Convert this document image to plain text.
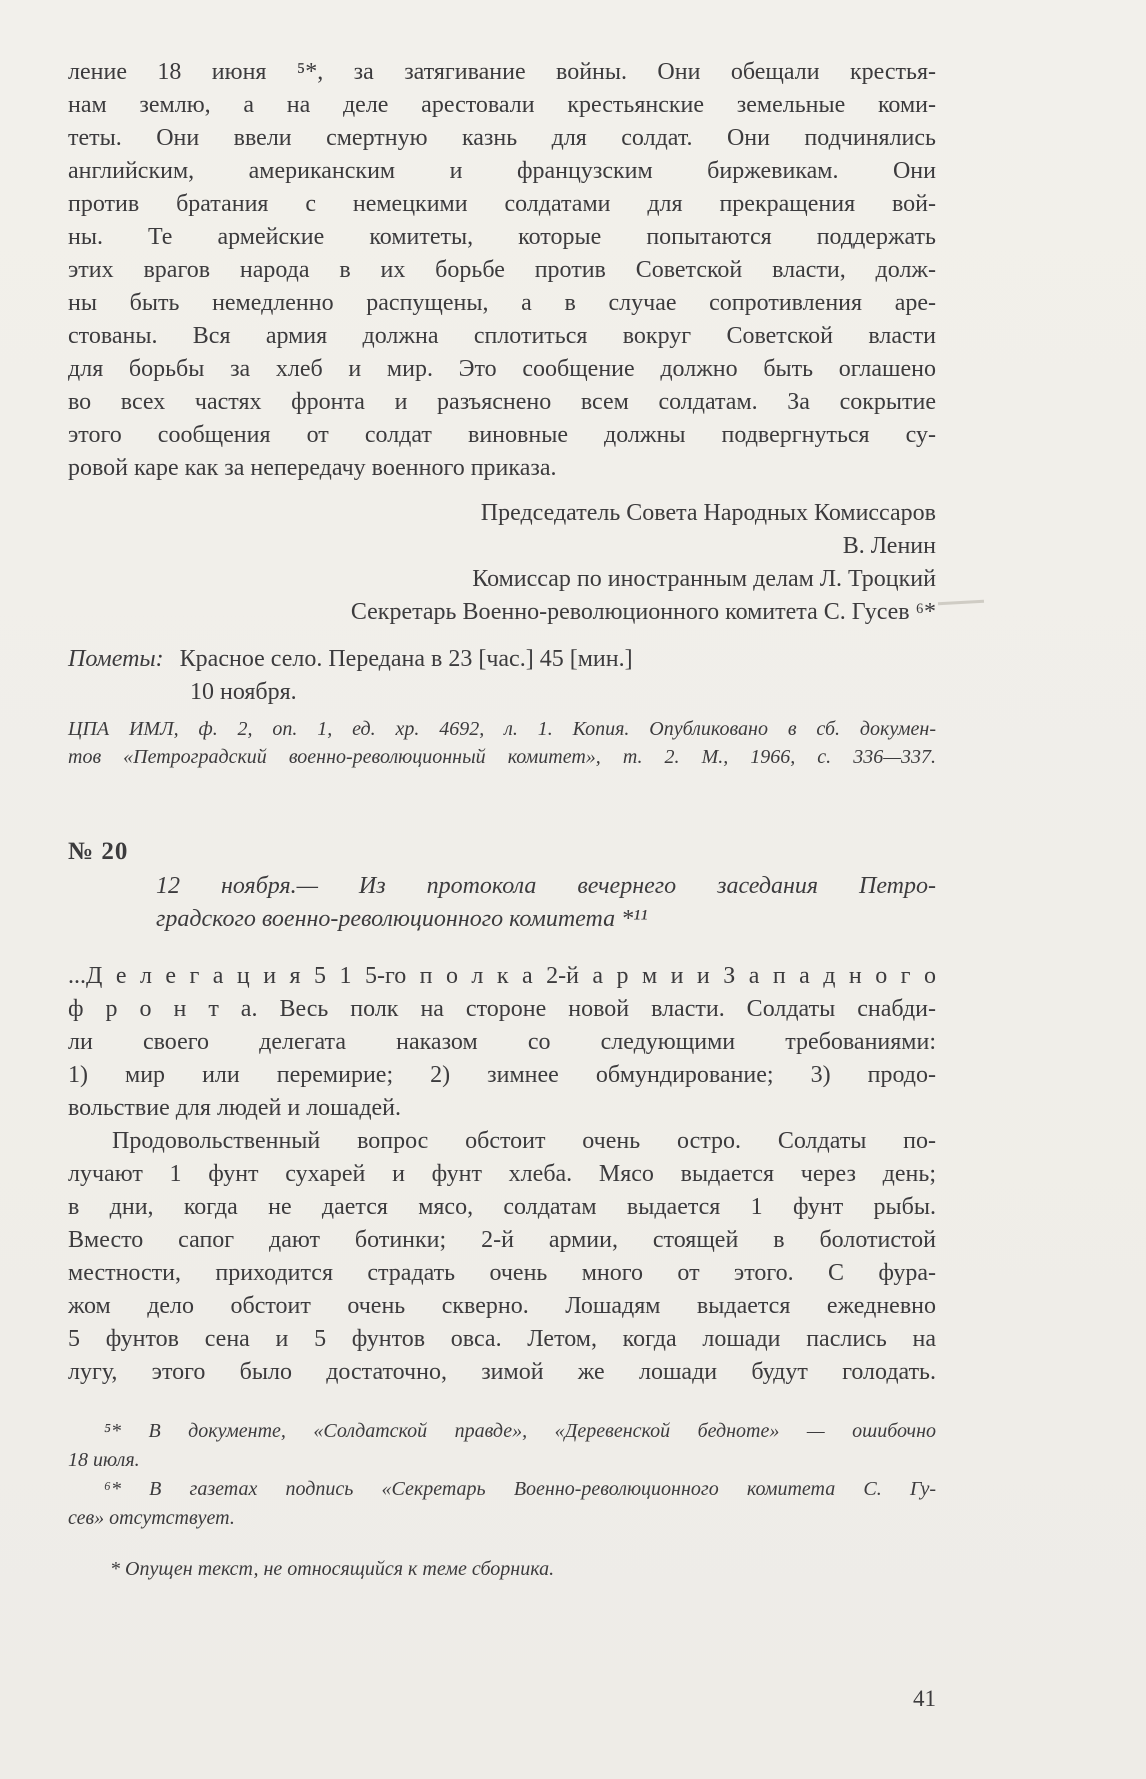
ление 18 июня ⁵*, за затягивание войны. Они обещали крестья-
нам землю, а на деле арестовали крестьянские земельные коми-
теты. Они ввели смертную казнь для солдат. Они подчинялись
английским, американским и французским биржевикам. Они
против братания с немецкими солдатами для прекращения вой-
ны. Те армейские комитеты, которые попытаются поддержать
этих врагов народа в их борьбе против Советской власти, долж-
ны быть немедленно распущены, а в случае сопротивления аре-
стованы. Вся армия должна сплотиться вокруг Советской власти
для борьбы за хлеб и мир. Это сообщение должно быть оглашено
во всех частях фронта и разъяснено всем солдатам. За сокрытие
этого сообщения от солдат виновные должны подвергнуться су-
ровой каре как за непередачу военного приказа.
Председатель Совета Народных Комиссаров
В. Ленин
Комиссар по иностранным делам Л. Троцкий
Секретарь Военно-революционного комитета С. Гусев ⁶*
Пометы: Красное село. Передана в 23 [час.] 45 [мин.]
10 ноября.
ЦПА ИМЛ, ф. 2, оп. 1, ед. хр. 4692, л. 1. Копия. Опубликовано в сб. докумен-
тов «Петроградский военно-революционный комитет», т. 2. М., 1966, с. 336—337.
№ 20
12 ноября.— Из протокола вечернего заседания Петро-
градского военно-революционного комитета *¹¹
...Д е л е г а ц и я 5 1 5-го п о л к а 2-й а р м и и З а п а д н о г о
ф р о н т а. Весь полк на стороне новой власти. Солдаты снабди-
ли своего делегата наказом со следующими требованиями:
1) мир или перемирие; 2) зимнее обмундирование; 3) продо-
вольствие для людей и лошадей.
Продовольственный вопрос обстоит очень остро. Солдаты по-
лучают 1 фунт сухарей и фунт хлеба. Мясо выдается через день;
в дни, когда не дается мясо, солдатам выдается 1 фунт рыбы.
Вместо сапог дают ботинки; 2-й армии, стоящей в болотистой
местности, приходится страдать очень много от этого. С фура-
жом дело обстоит очень скверно. Лошадям выдается ежедневно
5 фунтов сена и 5 фунтов овса. Летом, когда лошади паслись на
лугу, этого было достаточно, зимой же лошади будут голодать.
⁵* В документе, «Солдатской правде», «Деревенской бедноте» — ошибочно
18 июля.
⁶* В газетах подпись «Секретарь Военно-революционного комитета С. Гу-
сев» отсутствует.
* Опущен текст, не относящийся к теме сборника.
41
